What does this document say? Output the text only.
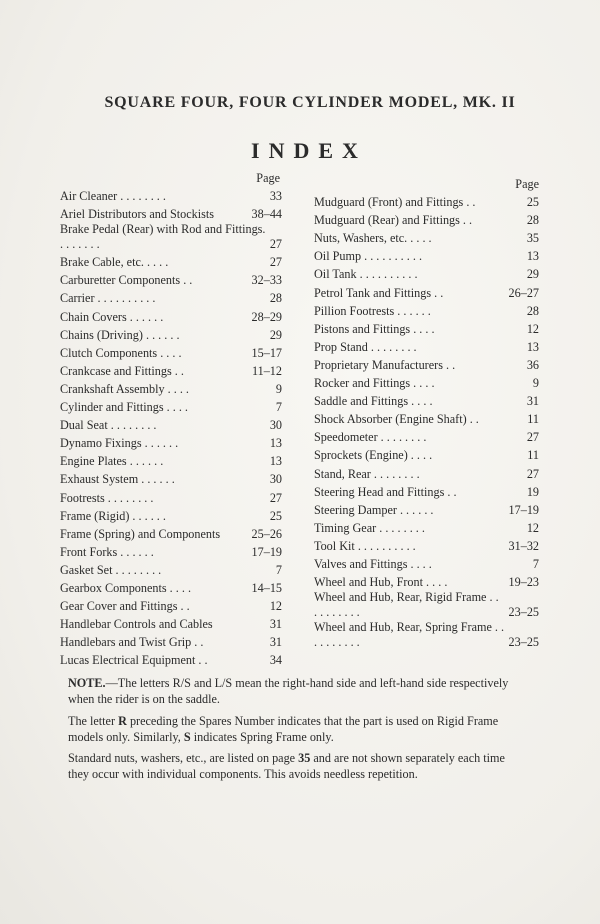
SQUARE FOUR, FOUR CYLINDER MODEL, MK. II
INDEX
Page
Air Cleaner . . . . . . . .	33
Ariel Distributors and Stockists	38–44
Brake Pedal (Rear) with Rod and Fittings. . . . . . . .	27
Brake Cable, etc. . . . .	27
Carburetter Components . .	32–33
Carrier . . . . . . . . . .	28
Chain Covers . . . . . .	28–29
Chains (Driving) . . . . . .	29
Clutch Components . . . .	15–17
Crankcase and Fittings . .	11–12
Crankshaft Assembly . . . .	9
Cylinder and Fittings . . . .	7
Dual Seat . . . . . . . .	30
Dynamo Fixings . . . . . .	13
Engine Plates . . . . . .	13
Exhaust System . . . . . .	30
Footrests . . . . . . . .	27
Frame (Rigid) . . . . . .	25
Frame (Spring) and Components	25–26
Front Forks . . . . . .	17–19
Gasket Set . . . . . . . .	7
Gearbox Components . . . .	14–15
Gear Cover and Fittings . .	12
Handlebar Controls and Cables	31
Handlebars and Twist Grip . .	31
Lucas Electrical Equipment . .	34
Page
Mudguard (Front) and Fittings . .	25
Mudguard (Rear) and Fittings . .	28
Nuts, Washers, etc. . . . .	35
Oil Pump . . . . . . . . . .	13
Oil Tank . . . . . . . . . .	29
Petrol Tank and Fittings . .	26–27
Pillion Footrests . . . . . .	28
Pistons and Fittings . . . .	12
Prop Stand . . . . . . . .	13
Proprietary Manufacturers . .	36
Rocker and Fittings . . . .	9
Saddle and Fittings . . . .	31
Shock Absorber (Engine Shaft) . .	11
Speedometer . . . . . . . .	27
Sprockets (Engine) . . . .	11
Stand, Rear . . . . . . . .	27
Steering Head and Fittings . .	19
Steering Damper . . . . . .	17–19
Timing Gear . . . . . . . .	12
Tool Kit . . . . . . . . . .	31–32
Valves and Fittings . . . .	7
Wheel and Hub, Front . . . .	19–23
Wheel and Hub, Rear, Rigid Frame . . . . . . . . . .	23–25
Wheel and Hub, Rear, Spring Frame . . . . . . . . . .	23–25
NOTE.—The letters R/S and L/S mean the right-hand side and left-hand side respectively when the rider is on the saddle.
The letter R preceding the Spares Number indicates that the part is used on Rigid Frame models only. Similarly, S indicates Spring Frame only.
Standard nuts, washers, etc., are listed on page 35 and are not shown separately each time they occur with individual components. This avoids needless repetition.
